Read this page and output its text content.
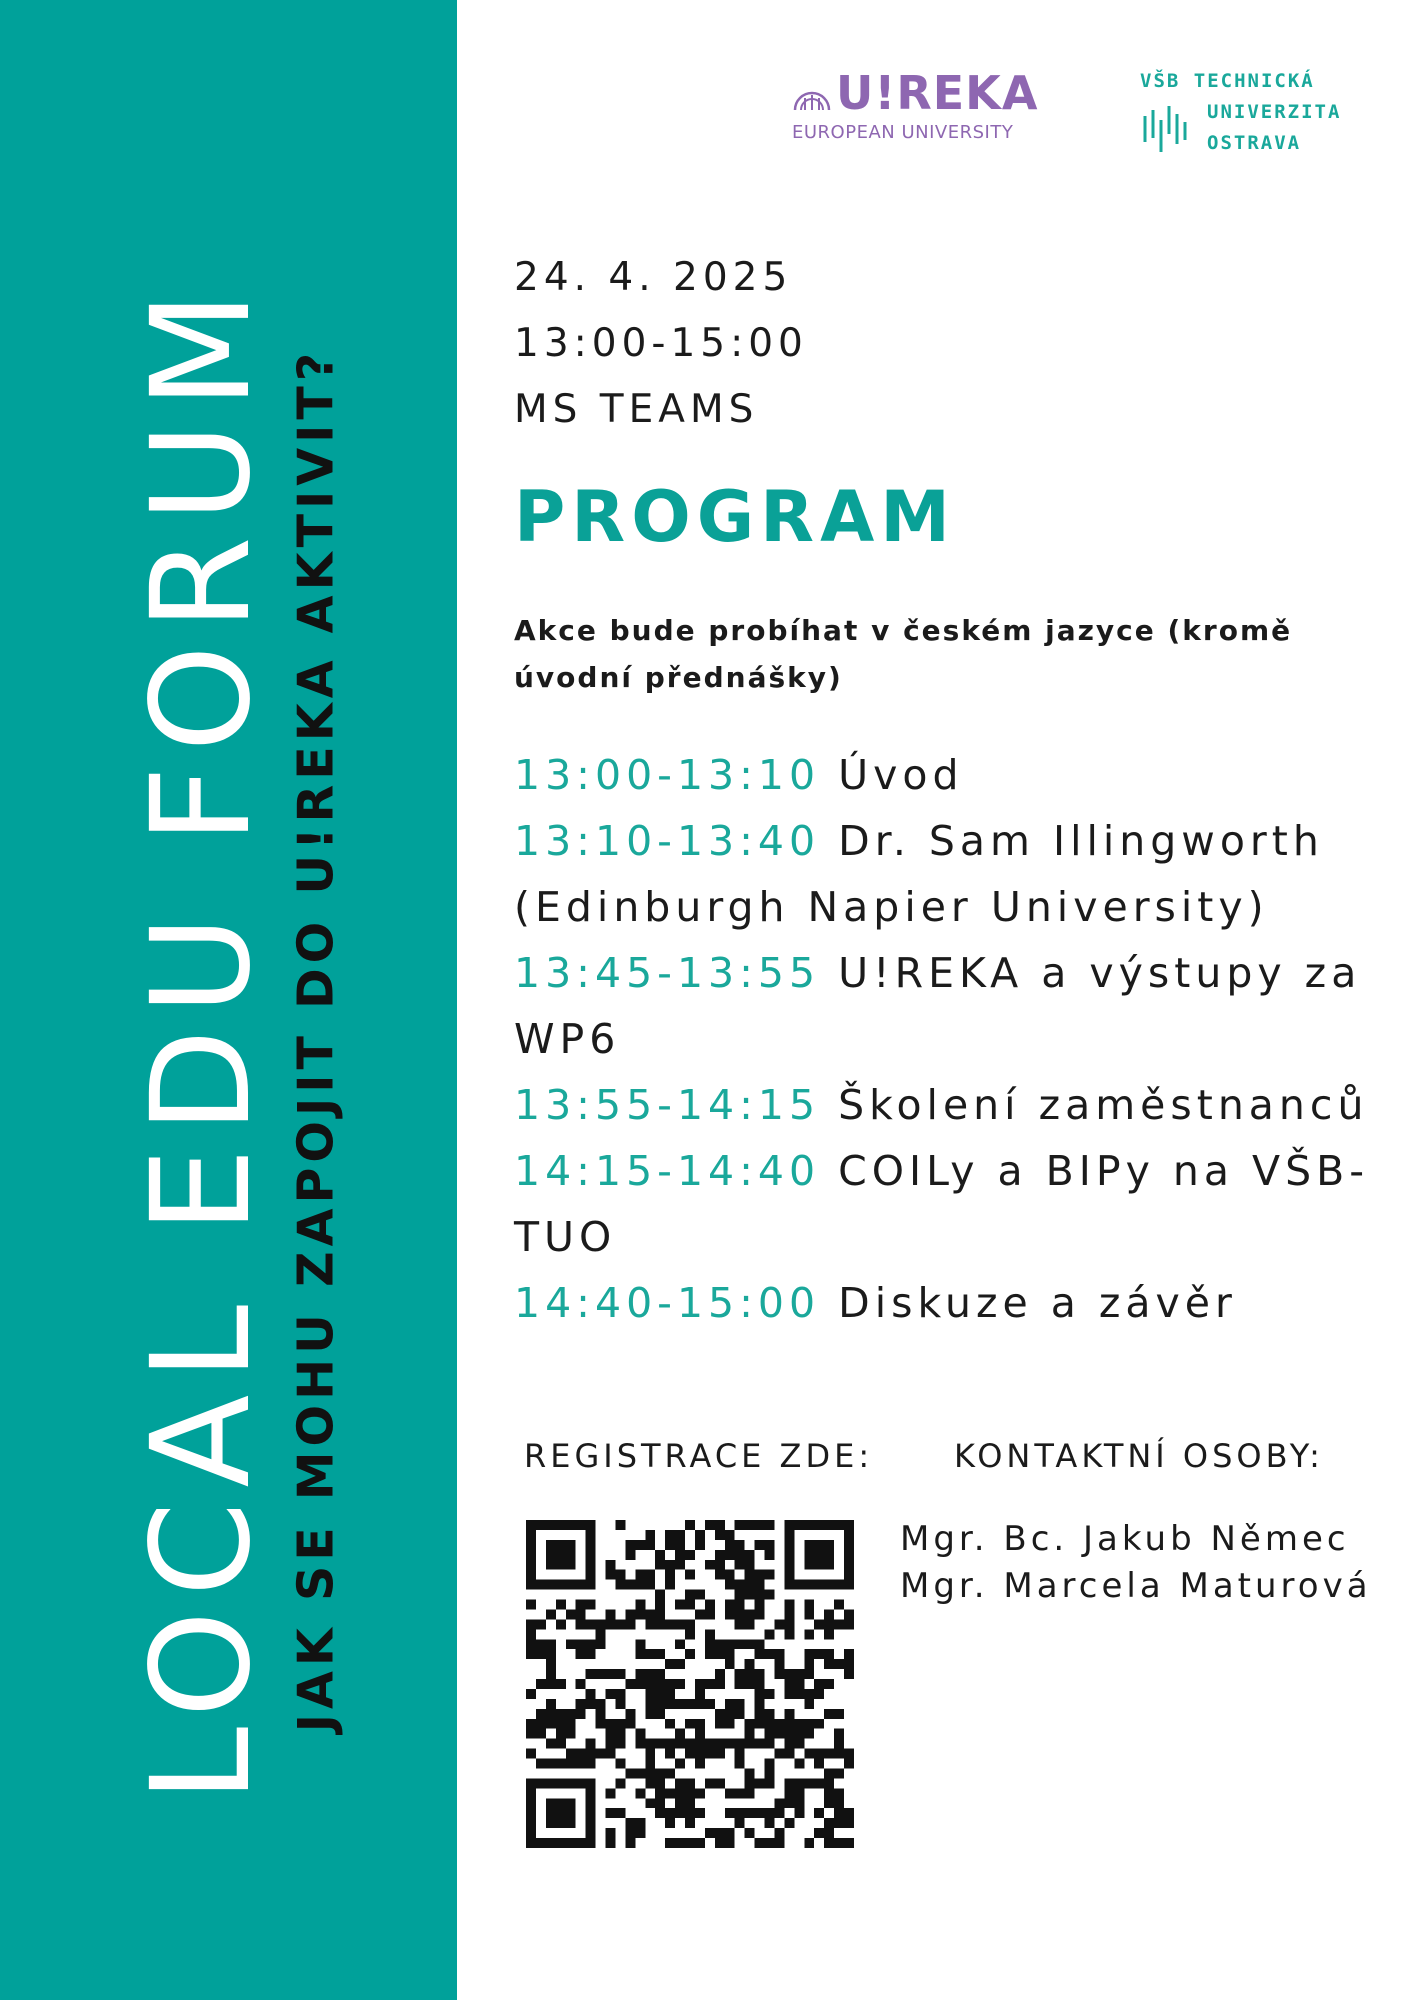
LOCAL EDU FORUM JAK SE MOHU ZAPOJIT DO U!REKA AKTIVIT?
U!REKA
EUROPEAN UNIVERSITY
VŠB TECHNICKÁ
UNIVERZITA
OSTRAVA
24. 4. 2025
13:00-15:00
MS TEAMS
PROGRAM
Akce bude probíhat v českém jazyce (kromě úvodní přednášky)
13:00-13:10 Úvod
13:10-13:40 Dr. Sam Illingworth (Edinburgh Napier University)
13:45-13:55 U!REKA a výstupy za WP6
13:55-14:15 Školení zaměstnanců
14:15-14:40 COILy a BIPy na VŠB-TUO
14:40-15:00 Diskuze a závěr
REGISTRACE ZDE:	KONTAKTNÍ OSOBY:
Mgr. Bc. Jakub Němec
Mgr. Marcela Maturová
